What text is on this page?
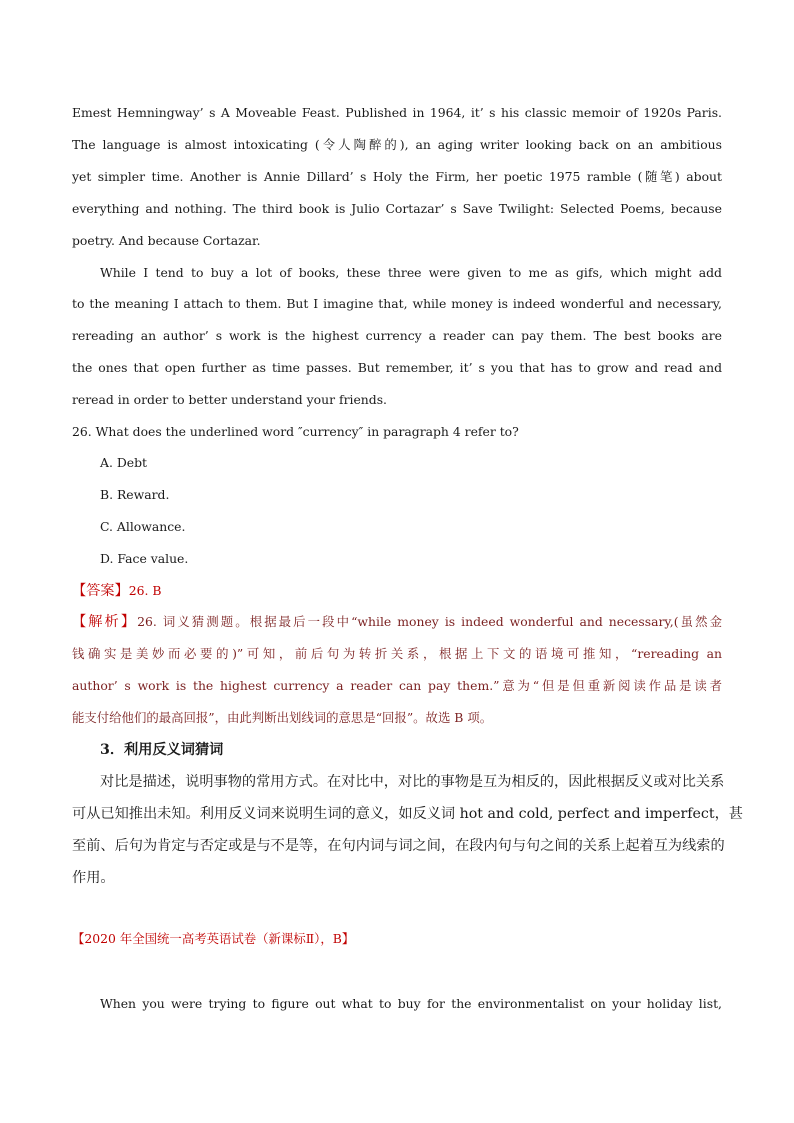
Emest Hemningway’ s A Moveable Feast. Published in 1964, it’ s his classic memoir of 1920s Paris.
The language is almost intoxicating (令人陶醉的), an aging writer looking back on an ambitious
yet simpler time. Another is Annie Dillard’ s Holy the Firm, her poetic 1975 ramble (随笔) about
everything and nothing. The third book is Julio Cortazar’ s Save Twilight: Selected Poems, because
poetry. And because Cortazar.
While I tend to buy a lot of books, these three were given to me as gifs, which might add
to the meaning I attach to them. But I imagine that, while money is indeed wonderful and necessary,
rereading an author’ s work is the highest currency a reader can pay them. The best books are
the ones that open further as time passes. But remember, it’ s you that has to grow and read and
reread in order to better understand your friends.
26. What does the underlined word ″currency″ in paragraph 4 refer to?
A. Debt
B. Reward.
C. Allowance.
D. Face value.
【答案】26. B
【解析】26. 词义猜测题。根据最后一段中“while money is indeed wonderful and necessary,(虽然金
钱确实是美妙而必要的)”可知，前后句为转折关系，根据上下文的语境可推知，“rereading an
author’ s work is the highest currency a reader can pay them.”意为“但是但重新阅读作品是读者
能支付给他们的最高回报”，由此判断出划线词的意思是“回报”。故选 B 项。
3．利用反义词猜词
对比是描述，说明事物的常用方式。在对比中，对比的事物是互为相反的，因此根据反义或对比关系
可从已知推出未知。利用反义词来说明生词的意义，如反义词 hot and cold, perfect and imperfect，甚
至前、后句为肯定与否定或是与不是等，在句内词与词之间，在段内句与句之间的关系上起着互为线索的
作用。
【2020 年全国统一高考英语试卷（新课标Ⅱ），B】
When you were trying to figure out what to buy for the environmentalist on your holiday list,
